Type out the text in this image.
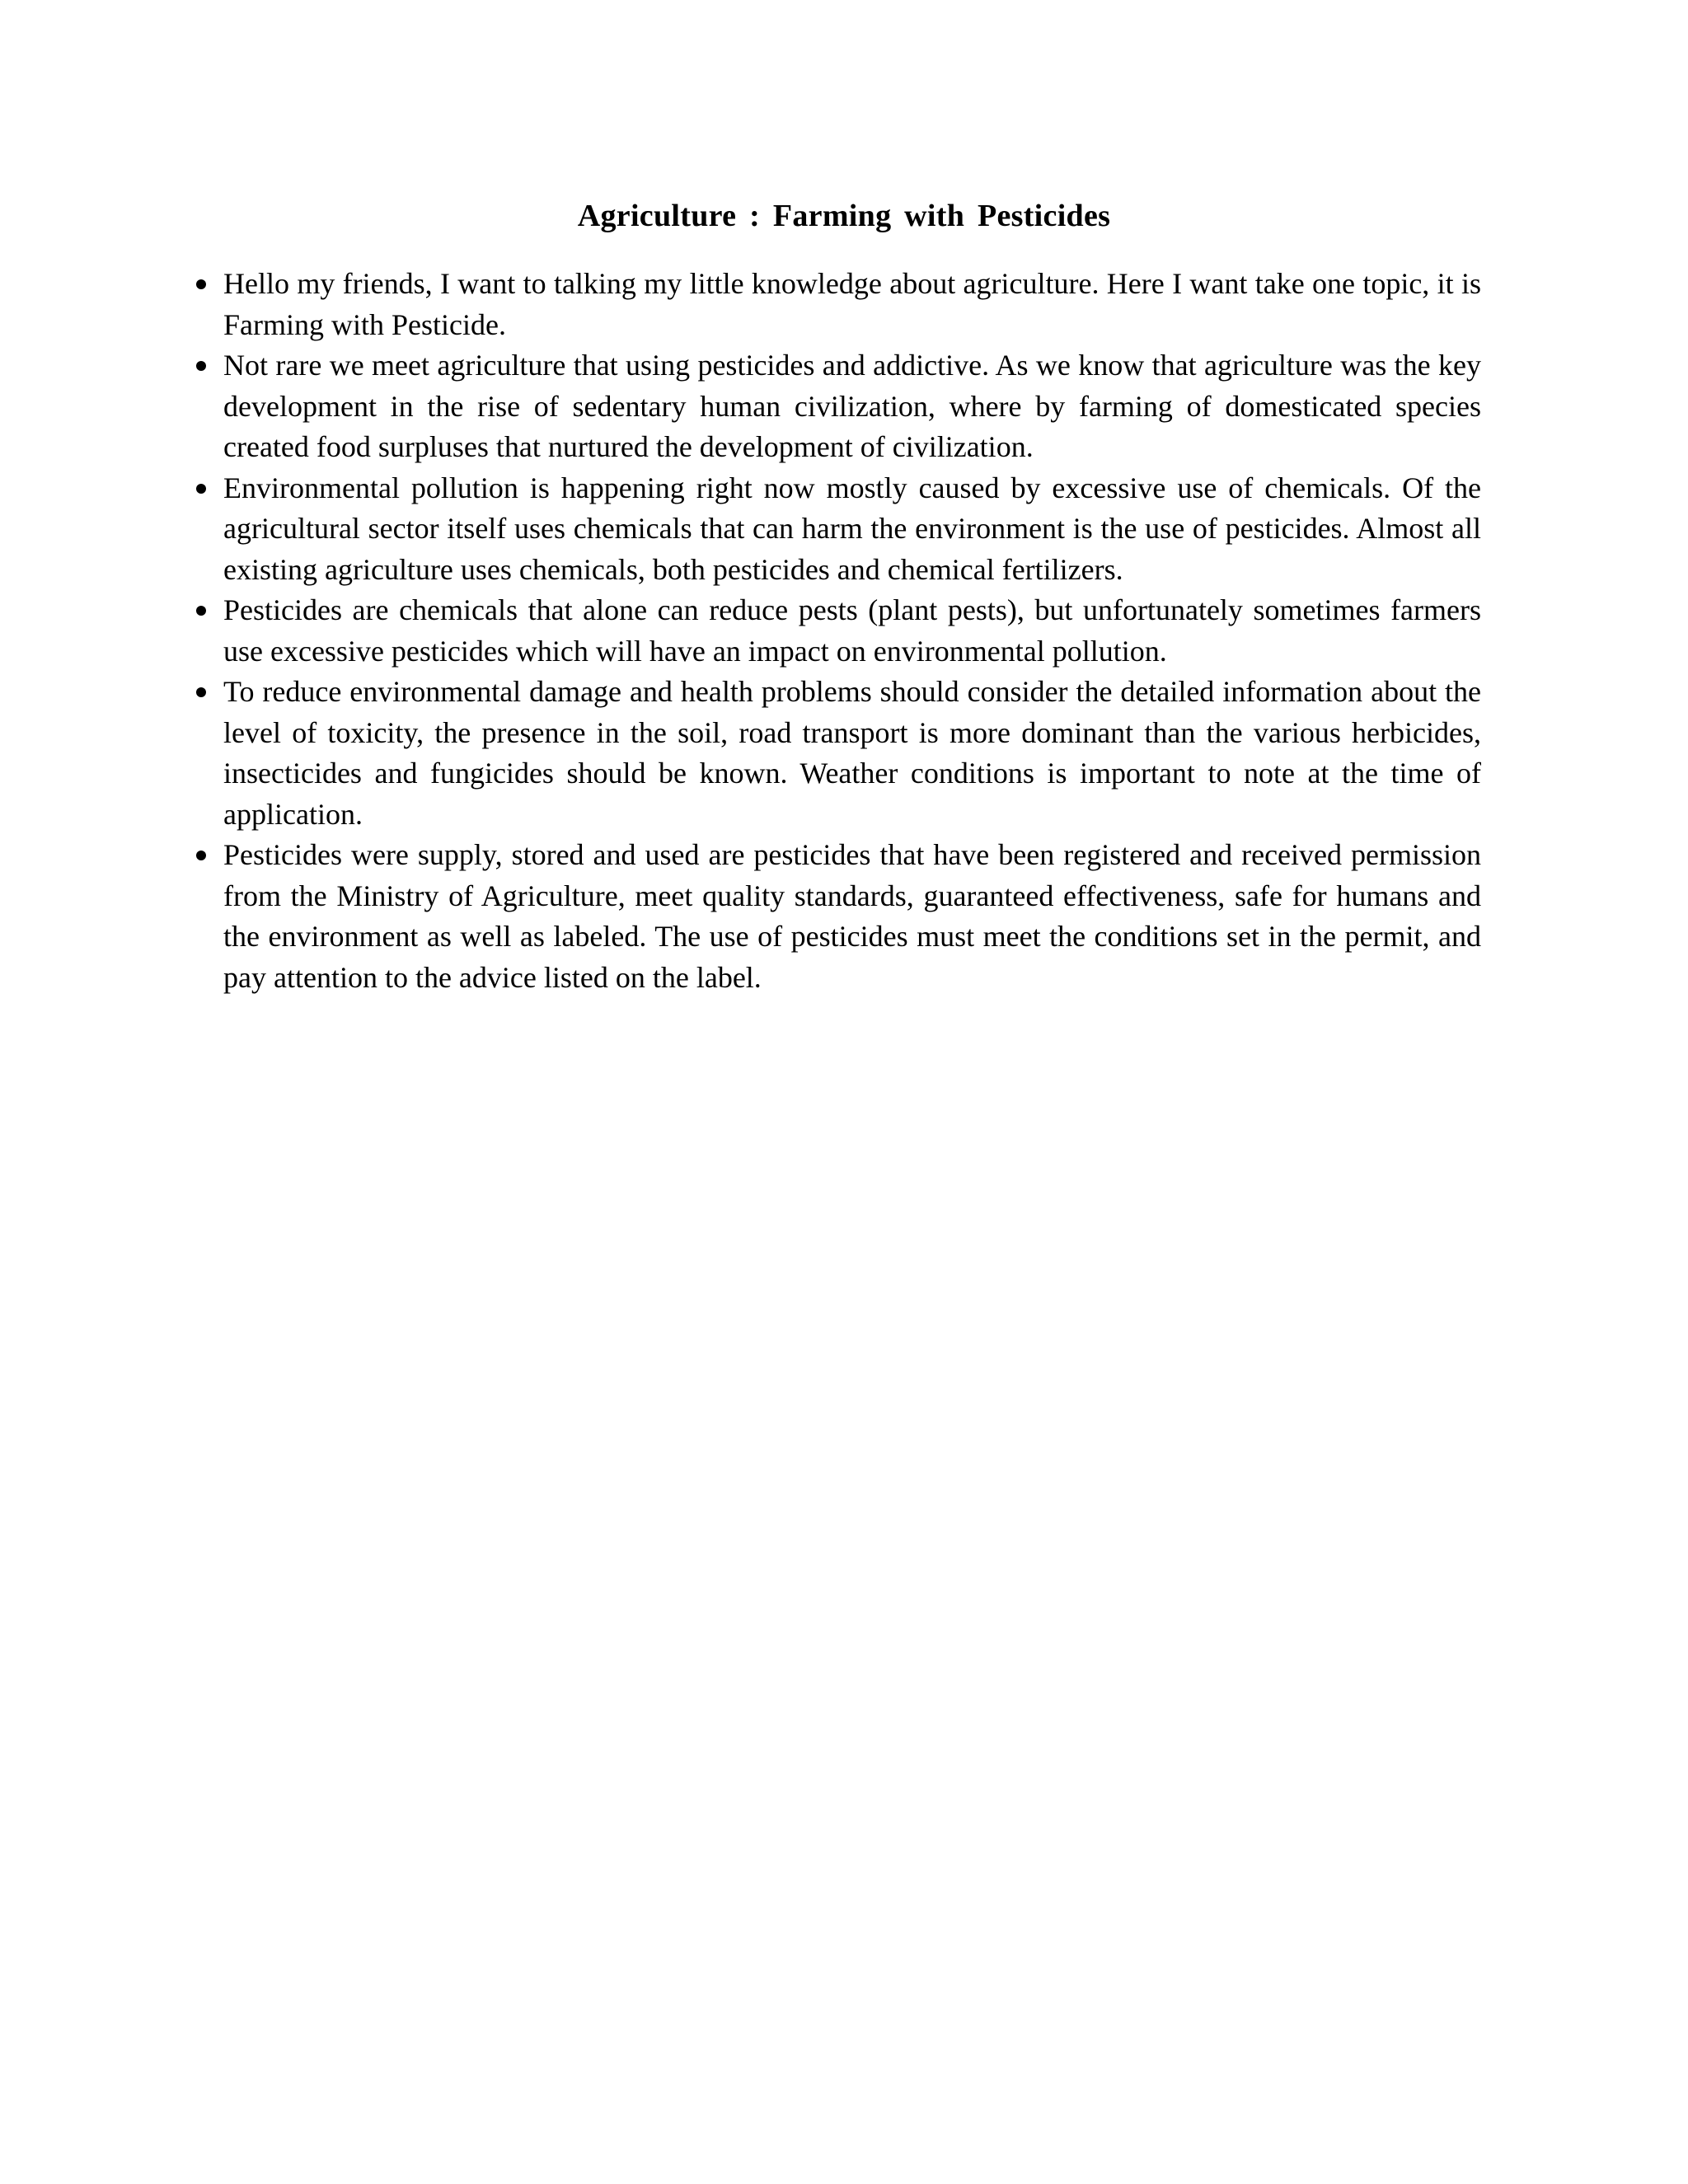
Agriculture : Farming with Pesticides
Hello my friends, I want to talking my little knowledge about agriculture. Here I want take one topic, it is Farming with Pesticide.
Not rare we meet agriculture that using pesticides and addictive. As we know that agriculture was the key development in the rise of sedentary human civilization, where by farming of domesticated species created food surpluses that nurtured the development of civilization.
Environmental pollution is happening right now mostly caused by excessive use of chemicals. Of the agricultural sector itself uses chemicals that can harm the environment is the use of pesticides. Almost all existing agriculture uses chemicals, both pesticides and chemical fertilizers.
Pesticides are chemicals that alone can reduce pests (plant pests), but unfortunately sometimes farmers use excessive pesticides which will have an impact on environmental pollution.
To reduce environmental damage and health problems should consider the detailed information about the level of toxicity, the presence in the soil, road transport is more dominant than the various herbicides, insecticides and fungicides should be known. Weather conditions is important to note at the time of application.
Pesticides were supply, stored and used are pesticides that have been registered and received permission from the Ministry of Agriculture, meet quality standards, guaranteed effectiveness, safe for humans and the environment as well as labeled. The use of pesticides must meet the conditions set in the permit, and pay attention to the advice listed on the label.
